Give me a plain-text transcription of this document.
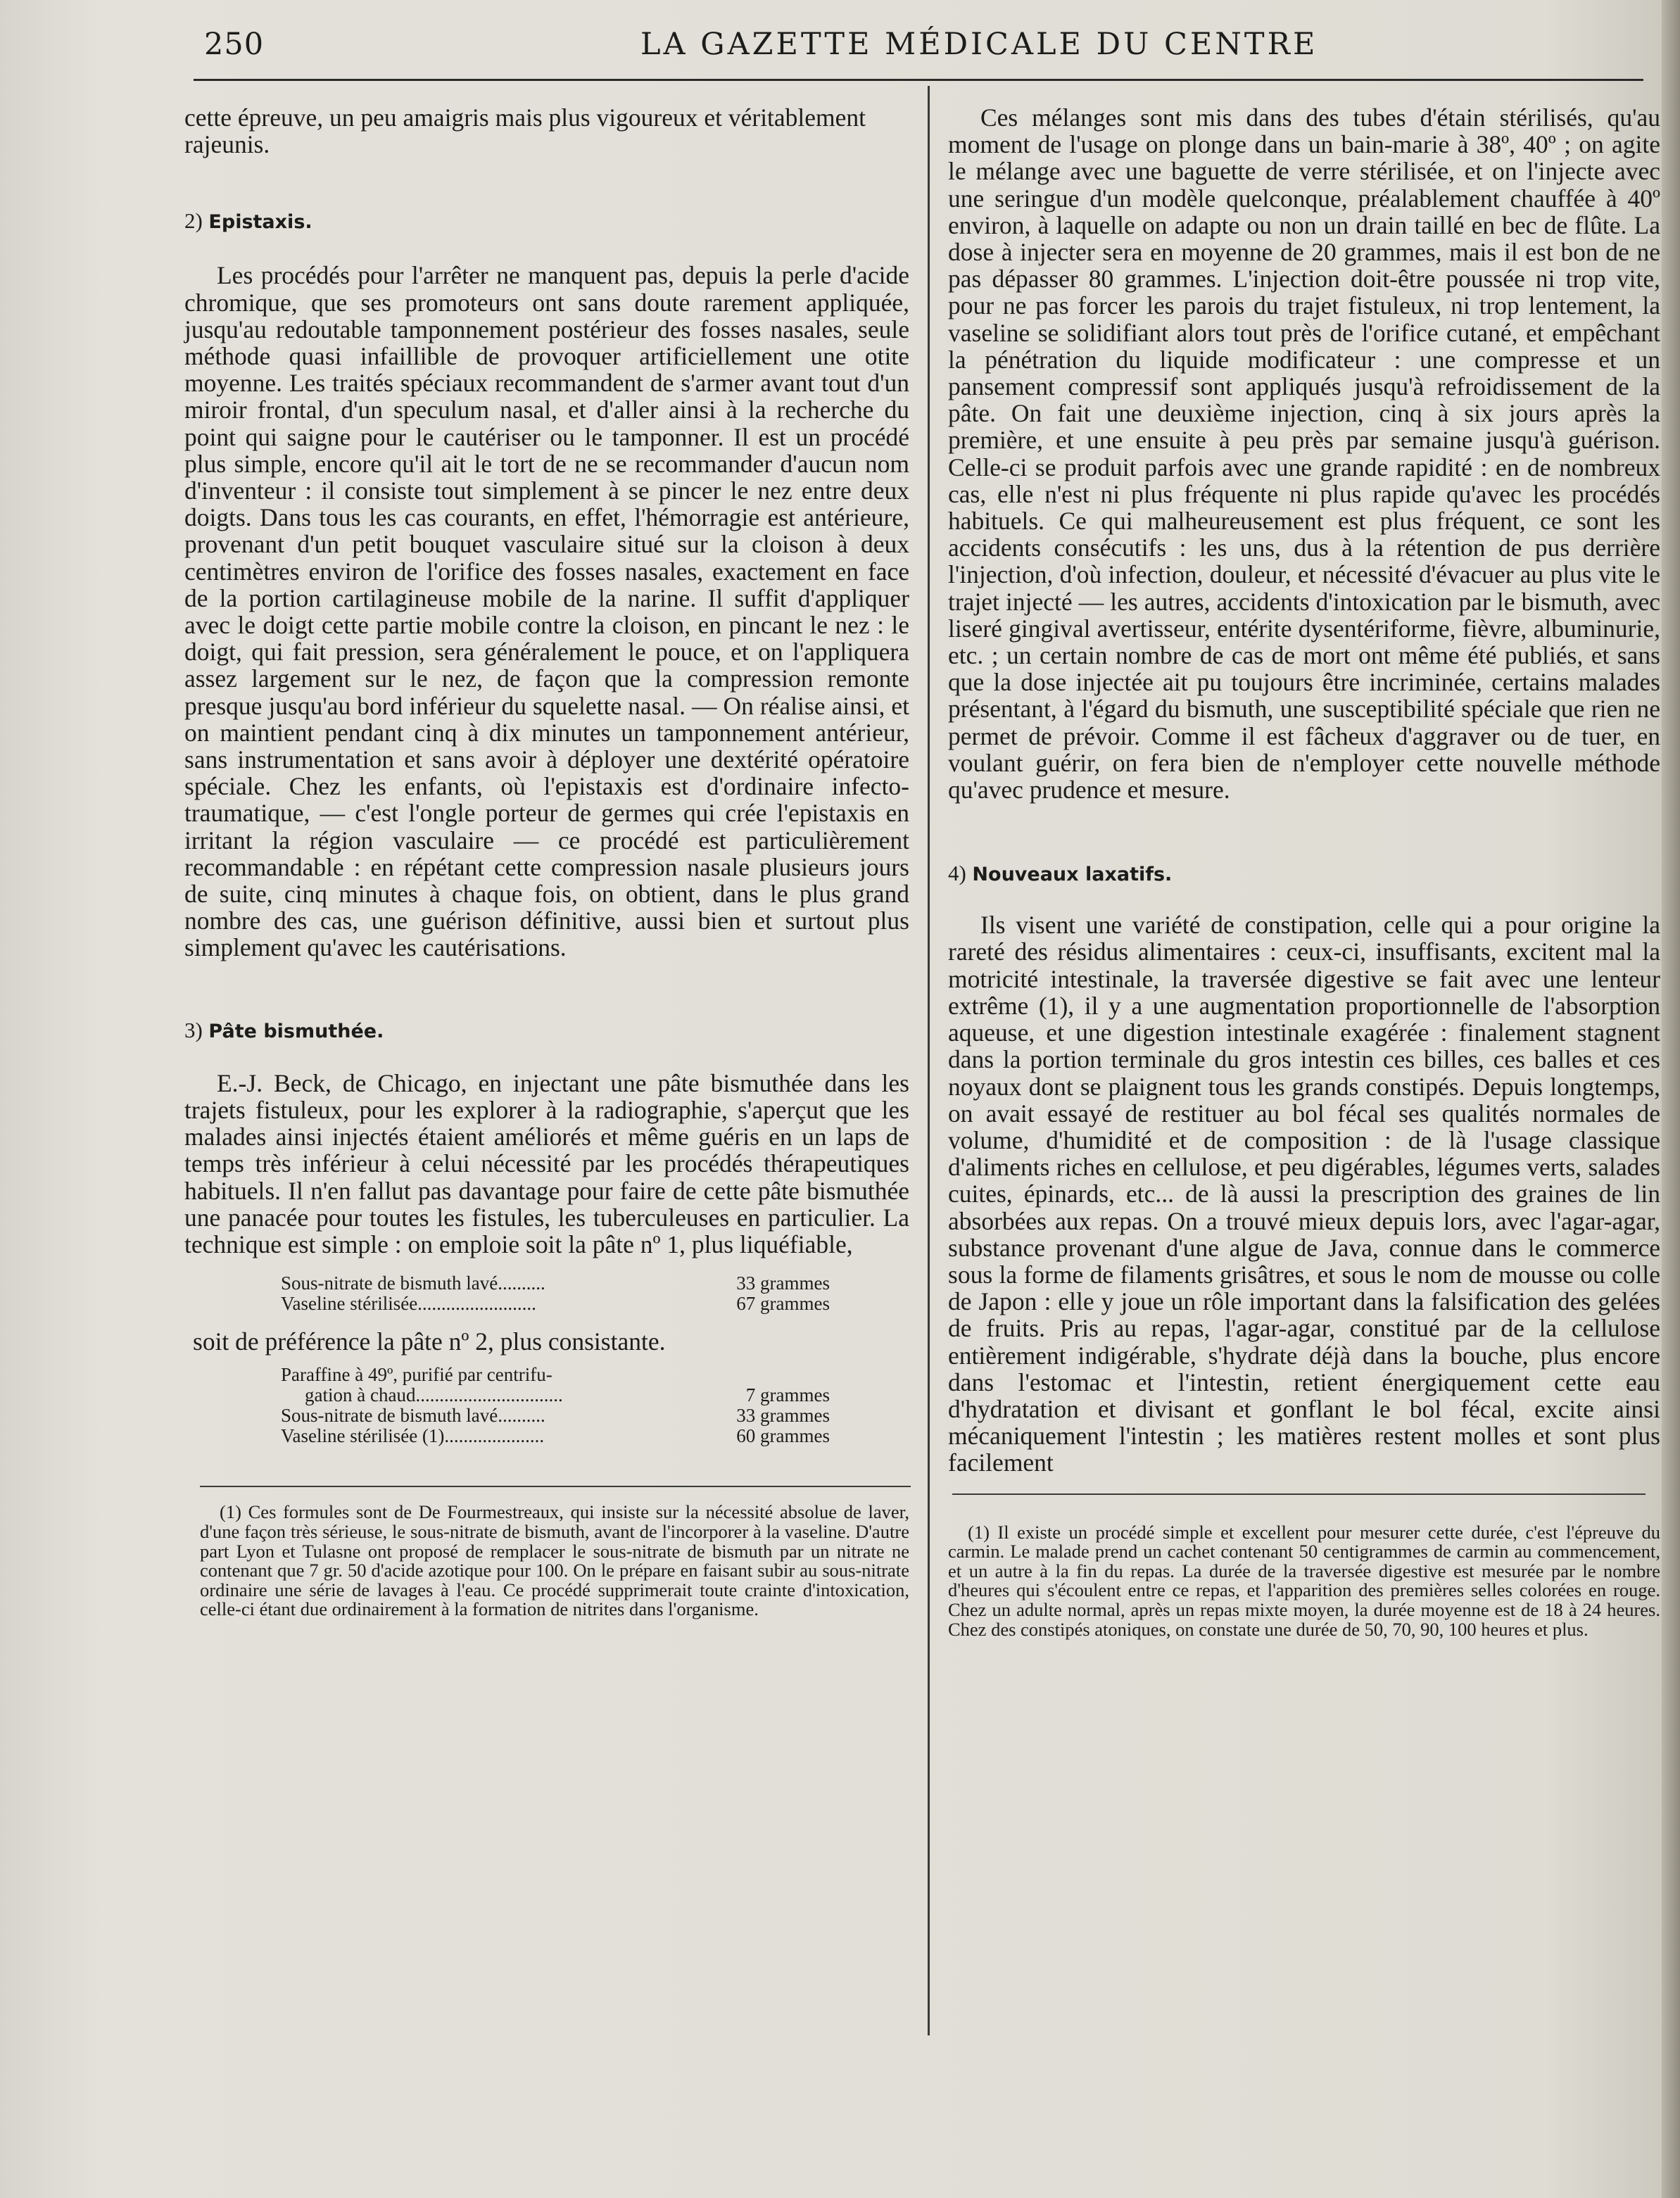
250	LA GAZETTE MÉDICALE DU CENTRE

cette épreuve, un peu amaigris mais plus vigoureux et véritablement rajeunis.

2) Epistaxis.

Les procédés pour l'arrêter ne manquent pas, depuis la perle d'acide chromique, que ses promoteurs ont sans doute rarement appliquée, jusqu'au redoutable tamponnement postérieur des fosses nasales, seule méthode quasi infaillible de provoquer artificiellement une otite moyenne. Les traités spéciaux recommandent de s'armer avant tout d'un miroir frontal, d'un speculum nasal, et d'aller ainsi à la recherche du point qui saigne pour le cautériser ou le tamponner. Il est un procédé plus simple, encore qu'il ait le tort de ne se recommander d'aucun nom d'inventeur : il consiste tout simplement à se pincer le nez entre deux doigts. Dans tous les cas courants, en effet, l'hémorragie est antérieure, provenant d'un petit bouquet vasculaire situé sur la cloison à deux centimètres environ de l'orifice des fosses nasales, exactement en face de la portion cartilagineuse mobile de la narine. Il suffit d'appliquer avec le doigt cette partie mobile contre la cloison, en pincant le nez : le doigt, qui fait pression, sera généralement le pouce, et on l'appliquera assez largement sur le nez, de façon que la compression remonte presque jusqu'au bord inférieur du squelette nasal. — On réalise ainsi, et on maintient pendant cinq à dix minutes un tamponnement antérieur, sans instrumentation et sans avoir à déployer une dextérité opératoire spéciale. Chez les enfants, où l'epistaxis est d'ordinaire infecto-traumatique, — c'est l'ongle porteur de germes qui crée l'epistaxis en irritant la région vasculaire — ce procédé est particulièrement recommandable : en répétant cette compression nasale plusieurs jours de suite, cinq minutes à chaque fois, on obtient, dans le plus grand nombre des cas, une guérison définitive, aussi bien et surtout plus simplement qu'avec les cautérisations.

3) Pâte bismuthée.

E.-J. Beck, de Chicago, en injectant une pâte bismuthée dans les trajets fistuleux, pour les explorer à la radiographie, s'aperçut que les malades ainsi injectés étaient améliorés et même guéris en un laps de temps très inférieur à celui nécessité par les procédés thérapeutiques habituels. Il n'en fallut pas davantage pour faire de cette pâte bismuthée une panacée pour toutes les fistules, les tuberculeuses en particulier. La technique est simple : on emploie soit la pâte nº 1, plus liquéfiable,

Sous-nitrate de bismuth lavé..........	33 grammes
Vaseline stérilisée.........................	67 grammes

soit de préférence la pâte nº 2, plus consistante.

Paraffine à 49º, purifié par centrifu-
gation à chaud...............................	7 grammes
Sous-nitrate de bismuth lavé..........	33 grammes
Vaseline stérilisée (1).....................	60 grammes

(1) Ces formules sont de De Fourmestreaux, qui insiste sur la nécessité absolue de laver, d'une façon très sérieuse, le sous-nitrate de bismuth, avant de l'incorporer à la vaseline. D'autre part Lyon et Tulasne ont proposé de remplacer le sous-nitrate de bismuth par un nitrate ne contenant que 7 gr. 50 d'acide azotique pour 100. On le prépare en faisant subir au sous-nitrate ordinaire une série de lavages à l'eau. Ce procédé supprimerait toute crainte d'intoxication, celle-ci étant due ordinairement à la formation de nitrites dans l'organisme.

Ces mélanges sont mis dans des tubes d'étain stérilisés, qu'au moment de l'usage on plonge dans un bain-marie à 38º, 40º ; on agite le mélange avec une baguette de verre stérilisée, et on l'injecte avec une seringue d'un modèle quelconque, préalablement chauffée à 40º environ, à laquelle on adapte ou non un drain taillé en bec de flûte. La dose à injecter sera en moyenne de 20 grammes, mais il est bon de ne pas dépasser 80 grammes. L'injection doit-être poussée ni trop vite, pour ne pas forcer les parois du trajet fistuleux, ni trop lentement, la vaseline se solidifiant alors tout près de l'orifice cutané, et empêchant la pénétration du liquide modificateur : une compresse et un pansement compressif sont appliqués jusqu'à refroidissement de la pâte. On fait une deuxième injection, cinq à six jours après la première, et une ensuite à peu près par semaine jusqu'à guérison. Celle-ci se produit parfois avec une grande rapidité : en de nombreux cas, elle n'est ni plus fréquente ni plus rapide qu'avec les procédés habituels. Ce qui malheureusement est plus fréquent, ce sont les accidents consécutifs : les uns, dus à la rétention de pus derrière l'injection, d'où infection, douleur, et nécessité d'évacuer au plus vite le trajet injecté — les autres, accidents d'intoxication par le bismuth, avec liseré gingival avertisseur, entérite dysentériforme, fièvre, albuminurie, etc. ; un certain nombre de cas de mort ont même été publiés, et sans que la dose injectée ait pu toujours être incriminée, certains malades présentant, à l'égard du bismuth, une susceptibilité spéciale que rien ne permet de prévoir. Comme il est fâcheux d'aggraver ou de tuer, en voulant guérir, on fera bien de n'employer cette nouvelle méthode qu'avec prudence et mesure.

4) Nouveaux laxatifs.

Ils visent une variété de constipation, celle qui a pour origine la rareté des résidus alimentaires : ceux-ci, insuffisants, excitent mal la motricité intestinale, la traversée digestive se fait avec une lenteur extrême (1), il y a une augmentation proportionnelle de l'absorption aqueuse, et une digestion intestinale exagérée : finalement stagnent dans la portion terminale du gros intestin ces billes, ces balles et ces noyaux dont se plaignent tous les grands constipés. Depuis longtemps, on avait essayé de restituer au bol fécal ses qualités normales de volume, d'humidité et de composition : de là l'usage classique d'aliments riches en cellulose, et peu digérables, légumes verts, salades cuites, épinards, etc... de là aussi la prescription des graines de lin absorbées aux repas. On a trouvé mieux depuis lors, avec l'agar-agar, substance provenant d'une algue de Java, connue dans le commerce sous la forme de filaments grisâtres, et sous le nom de mousse ou colle de Japon : elle y joue un rôle important dans la falsification des gelées de fruits. Pris au repas, l'agar-agar, constitué par de la cellulose entièrement indigérable, s'hydrate déjà dans la bouche, plus encore dans l'estomac et l'intestin, retient énergiquement cette eau d'hydratation et divisant et gonflant le bol fécal, excite ainsi mécaniquement l'intestin ; les matières restent molles et sont plus facilement

(1) Il existe un procédé simple et excellent pour mesurer cette durée, c'est l'épreuve du carmin. Le malade prend un cachet contenant 50 centigrammes de carmin au commencement, et un autre à la fin du repas. La durée de la traversée digestive est mesurée par le nombre d'heures qui s'écoulent entre ce repas, et l'apparition des premières selles colorées en rouge. Chez un adulte normal, après un repas mixte moyen, la durée moyenne est de 18 à 24 heures. Chez des constipés atoniques, on constate une durée de 50, 70, 90, 100 heures et plus.
